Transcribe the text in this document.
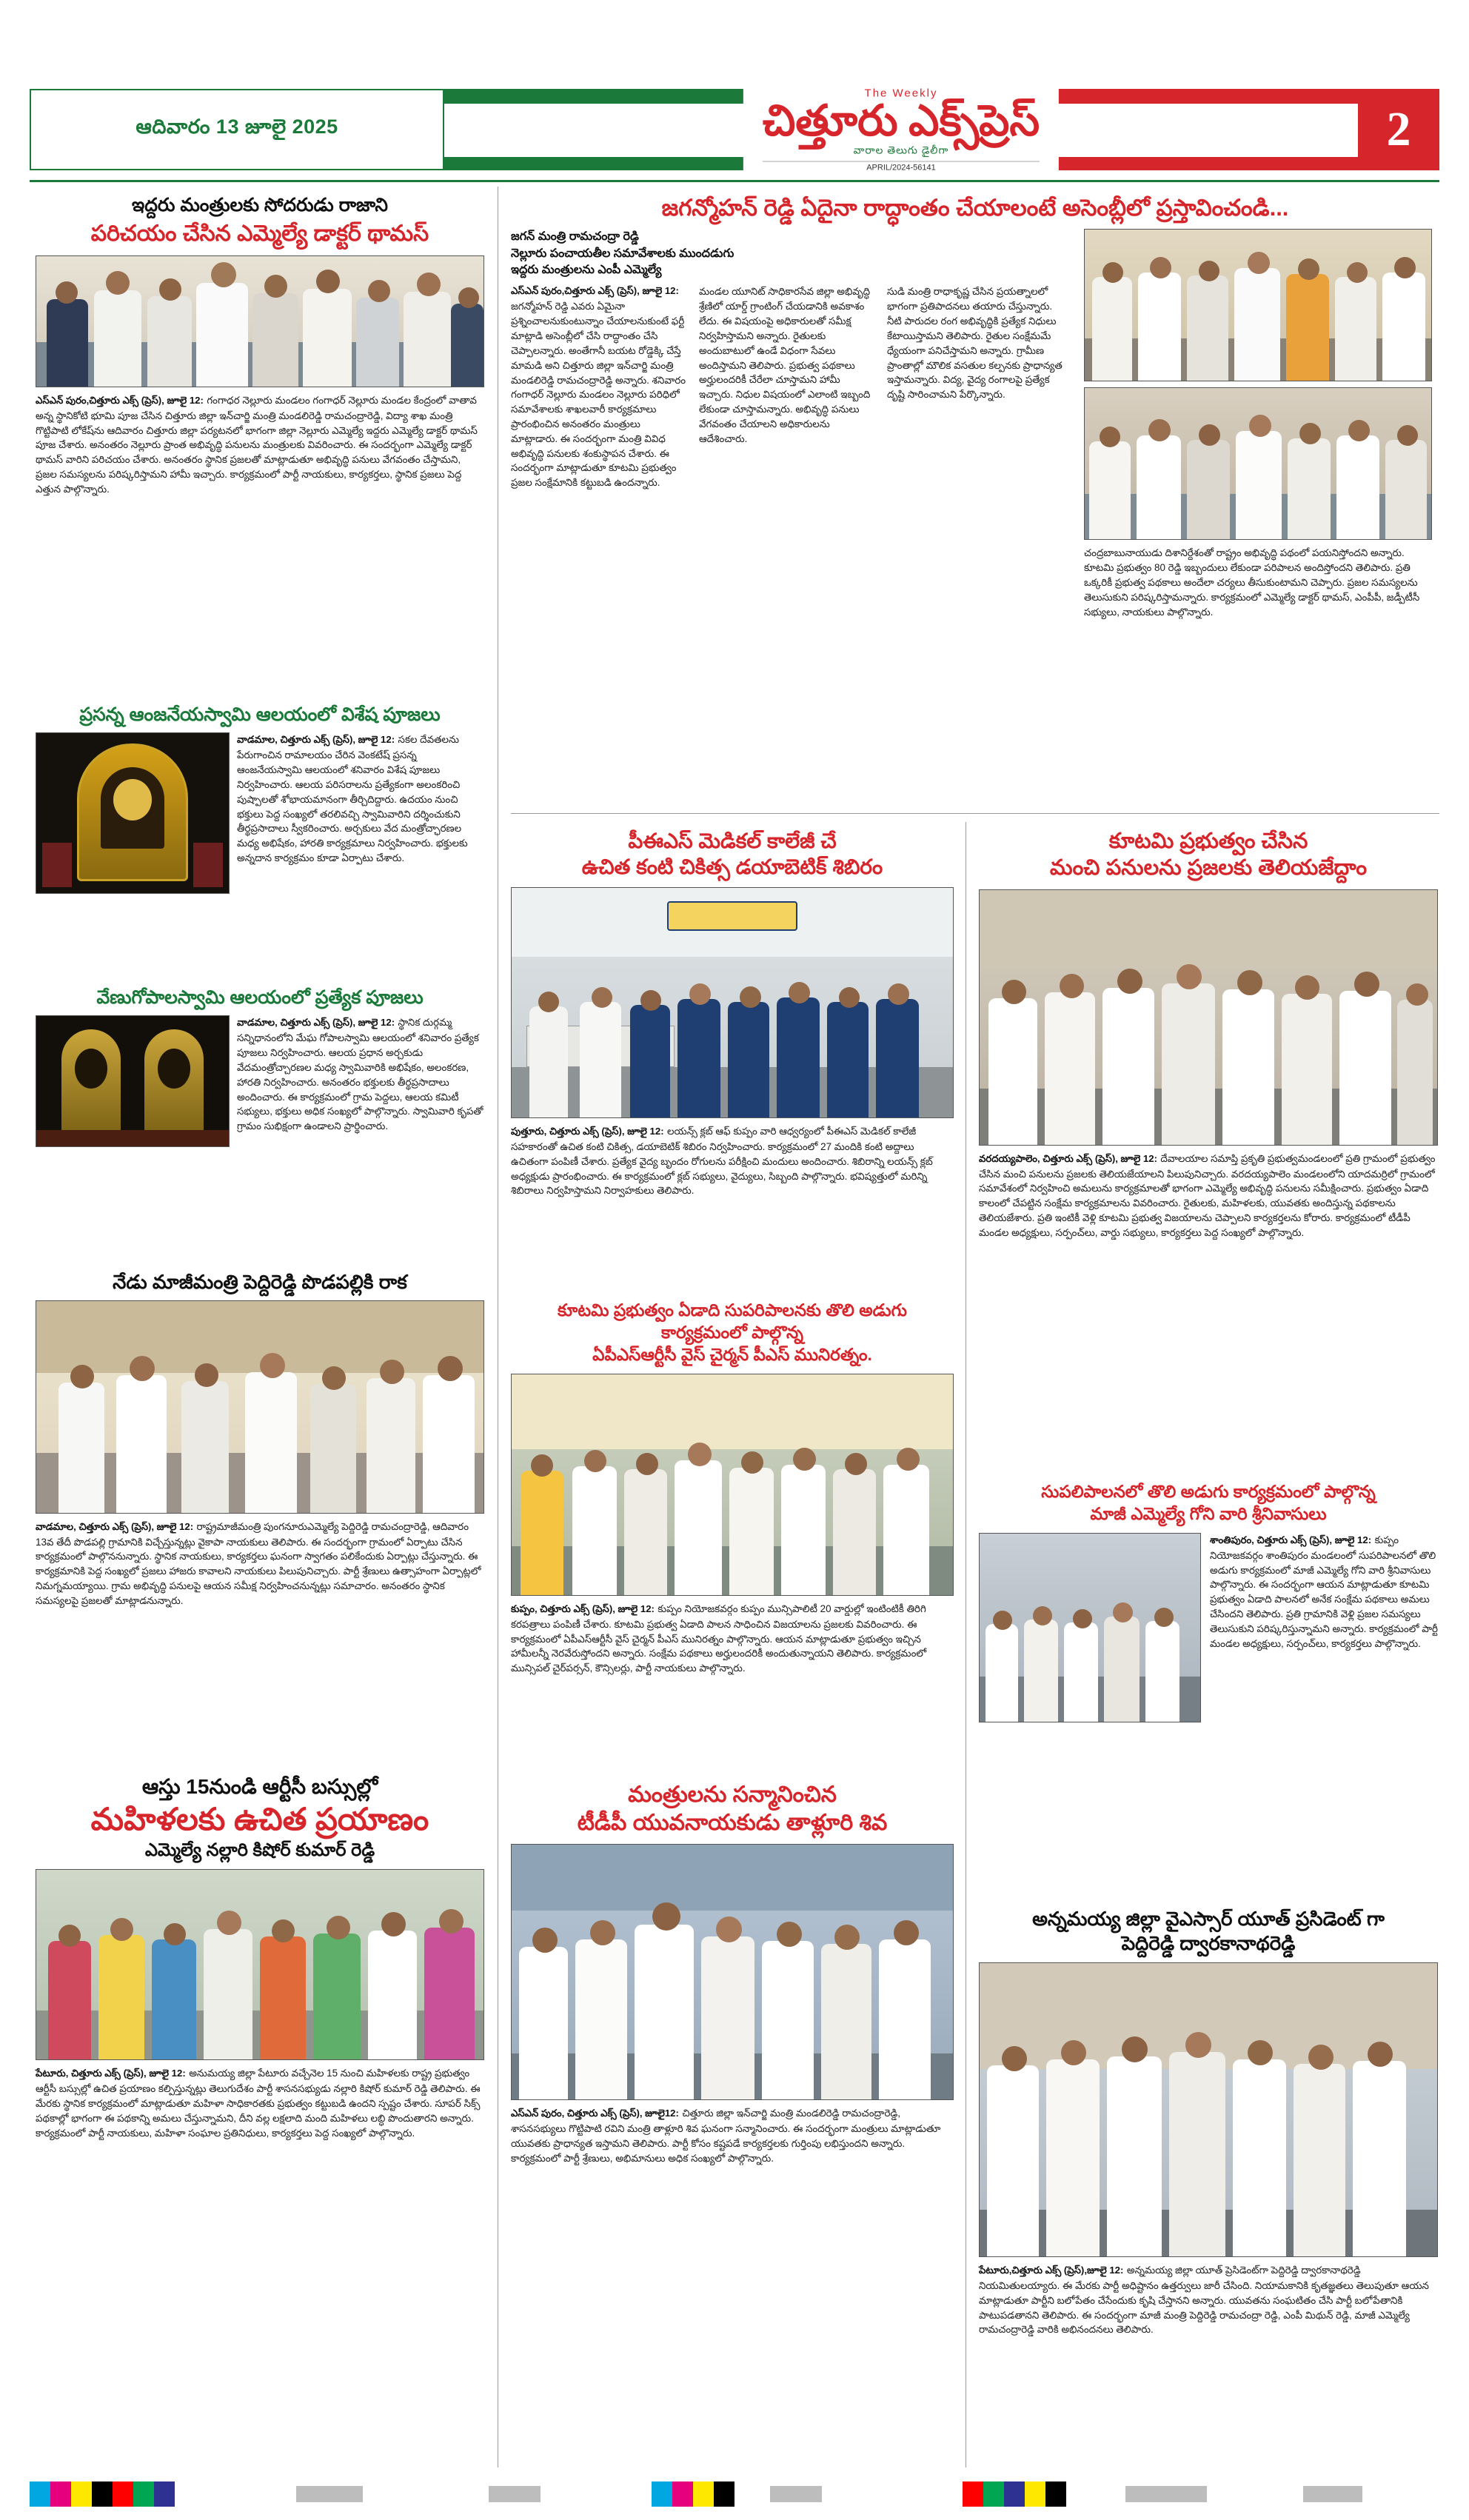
ఆదివారం 13 జూలై 2025
The Weekly
చిత్తూరు ఎక్స్‌ప్రెస్
వారాల తెలుగు డైలీగా
APRIL/2024-56141
2
ఇద్దరు మంత్రులకు సోదరుడు రాజాని
పరిచయం చేసిన ఎమ్మెల్యే డాక్టర్ థామస్
ఎస్‌ఎన్ పురం,చిత్తూరు ఎక్స్‌ (ప్రెస్), జూలై 12: గంగాధర నెల్లూరు మండలం గంగాధర్ నెల్లూరు మండల కేంద్రంలో వాతావ అన్న స్థానికోటి భూమి పూజ చేసిన చిత్తూరు జిల్లా ఇన్‌చార్జి మంత్రి మండలిరెడ్డి రామచంద్రారెడ్డి, విద్యా శాఖ మంత్రి గొట్టిపాటి లోకేష్‌ను ఆదివారం చిత్తూరు జిల్లా పర్యటనలో భాగంగా జిల్లా నెల్లూరు ఎమ్మెల్యే ఇద్దరు ఎమ్మెల్యే డాక్టర్ థామస్ పూజ చేశారు. అనంతరం నెల్లూరు ప్రాంత అభివృద్ధి పనులను మంత్రులకు వివరించారు. ఈ సందర్భంగా ఎమ్మెల్యే డాక్టర్ థామస్ వారిని పరిచయం చేశారు. అనంతరం స్థానిక ప్రజలతో మాట్లాడుతూ అభివృద్ధి పనులు వేగవంతం చేస్తామని, ప్రజల సమస్యలను పరిష్కరిస్తామని హామీ ఇచ్చారు. కార్యక్రమంలో పార్టీ నాయకులు, కార్యకర్తలు, స్థానిక ప్రజలు పెద్ద ఎత్తున పాల్గొన్నారు.
ప్రసన్న ఆంజనేయస్వామి ఆలయంలో విశేష పూజలు
వాడమాల, చిత్తూరు ఎక్స్‌ (ప్రెస్), జూలై 12: సకల దేవతలను పేరుగాంచిన రామాలయం చేరిన వెంకటేష్ ప్రసన్న ఆంజనేయస్వామి ఆలయంలో శనివారం విశేష పూజలు నిర్వహించారు. ఆలయ పరిసరాలను ప్రత్యేకంగా అలంకరించి పుష్పాలతో శోభాయమానంగా తీర్చిదిద్దారు. ఉదయం నుంచి భక్తులు పెద్ద సంఖ్యలో తరలివచ్చి స్వామివారిని దర్శించుకుని తీర్థప్రసాదాలు స్వీకరించారు. అర్చకులు వేద మంత్రోచ్ఛారణల మధ్య అభిషేకం, హారతి కార్యక్రమాలు నిర్వహించారు. భక్తులకు అన్నదాన కార్యక్రమం కూడా ఏర్పాటు చేశారు.
వేణుగోపాలస్వామి ఆలయంలో ప్రత్యేక పూజలు
వాడమాల, చిత్తూరు ఎక్స్‌ (ప్రెస్), జూలై 12: స్థానిక దుర్గమ్మ సన్నిధానంలోని మేఘ గోపాలస్వామి ఆలయంలో శనివారం ప్రత్యేక పూజలు నిర్వహించారు. ఆలయ ప్రధాన అర్చకుడు వేదమంత్రోచ్చారణల మధ్య స్వామివారికి అభిషేకం, అలంకరణ, హారతి నిర్వహించారు. అనంతరం భక్తులకు తీర్థప్రసాదాలు అందించారు. ఈ కార్యక్రమంలో గ్రామ పెద్దలు, ఆలయ కమిటీ సభ్యులు, భక్తులు అధిక సంఖ్యలో పాల్గొన్నారు. స్వామివారి కృపతో గ్రామం సుభిక్షంగా ఉండాలని ప్రార్థించారు.
నేడు మాజీమంత్రి పెద్దిరెడ్డి పొడపల్లికి రాక
వాడమాల, చిత్తూరు ఎక్స్‌ (ప్రెస్), జూలై 12: రాష్ట్రమాజీమంత్రి పుంగనూరుఎమ్మెల్యే పెద్దిరెడ్డి రామచంద్రారెడ్డి, ఆదివారం 13వ తేదీ పొడపల్లి గ్రామానికి విచ్చేస్తున్నట్లు వైకాపా నాయకులు తెలిపారు. ఈ సందర్భంగా గ్రామంలో ఏర్పాటు చేసిన కార్యక్రమంలో పాల్గొననున్నారు. స్థానిక నాయకులు, కార్యకర్తలు ఘనంగా స్వాగతం పలికేందుకు ఏర్పాట్లు చేస్తున్నారు. ఈ కార్యక్రమానికి పెద్ద సంఖ్యలో ప్రజలు హాజరు కావాలని నాయకులు పిలుపునిచ్చారు. పార్టీ శ్రేణులు ఉత్సాహంగా ఏర్పాట్లలో నిమగ్నమయ్యాయి. గ్రామ అభివృద్ధి పనులపై ఆయన సమీక్ష నిర్వహించనున్నట్లు సమాచారం. అనంతరం స్థానిక సమస్యలపై ప్రజలతో మాట్లాడనున్నారు.
ఆస్తు 15నుండి ఆర్టీసీ బస్సుల్లో
మహిళలకు ఉచిత ప్రయాణం
ఎమ్మెల్యే నల్లారి కిషోర్ కుమార్ రెడ్డి
పేటూరు, చిత్తూరు ఎక్స్‌ (ప్రెస్), జూలై 12: అనుమయ్య జిల్లా పేటూరు వచ్చేనెల 15 నుంచి మహిళలకు రాష్ట్ర ప్రభుత్వం ఆర్టీసీ బస్సుల్లో ఉచిత ప్రయాణం కల్పిస్తున్నట్లు తెలుగుదేశం పార్టీ శాసనసభ్యుడు నల్లారి కిషోర్ కుమార్ రెడ్డి తెలిపారు. ఈ మేరకు స్థానిక కార్యక్రమంలో మాట్లాడుతూ మహిళా సాధికారతకు ప్రభుత్వం కట్టుబడి ఉందని స్పష్టం చేశారు. సూపర్ సిక్స్ పథకాల్లో భాగంగా ఈ పథకాన్ని అమలు చేస్తున్నామని, దీని వల్ల లక్షలాది మంది మహిళలు లబ్ధి పొందుతారని అన్నారు. కార్యక్రమంలో పార్టీ నాయకులు, మహిళా సంఘాల ప్రతినిధులు, కార్యకర్తలు పెద్ద సంఖ్యలో పాల్గొన్నారు.
జగన్మోహన్ రెడ్డి ఏదైనా రాద్ధాంతం చేయాలంటే అసెంబ్లీలో ప్రస్తావించండి...
జగన్ మంత్రి రామచంద్రా రెడ్డి
నెల్లూరు పంచాయతీల సమావేశాలకు ముందడుగు
ఇద్దరు మంత్రులను ఎంపీ ఎమ్మెల్యే
ఎస్‌ఎన్ పురం,చిత్తూరు ఎక్స్‌ (ప్రెస్), జూలై 12: జగన్మోహన్ రెడ్డి ఎవరు ఏమైనా ప్రశ్నించాలనుకుంటున్నాం చేయాలనుకుంటే ఫర్టీ మాట్లాడి అసెంబ్లీలో చేసి రాద్ధాంతం చేసి చెప్పాలన్నారు. అంతేగానీ బయట రోడ్డెక్కి చేస్తే మామడి అని చిత్తూరు జిల్లా ఇన్‌చార్జి మంత్రి మండలిరెడ్డి రామచంద్రారెడ్డి అన్నారు. శనివారం గంగాధర్ నెల్లూరు మండలం నెల్లూరు పరిధిలో సమావేశాలకు శాఖలవారీ కార్యక్రమాలు ప్రారంభించిన అనంతరం మంత్రులు మాట్లాడారు. ఈ సందర్భంగా మంత్రి వివిధ అభివృద్ధి పనులకు శంకుస్థాపన చేశారు. ఈ సందర్భంగా మాట్లాడుతూ కూటమి ప్రభుత్వం ప్రజల సంక్షేమానికి కట్టుబడి ఉందన్నారు.
మండల యూనిట్ సాధికారసేవ జిల్లా అభివృద్ధి శ్రేణిలో యార్డ్ గ్రాంటింగ్ చేయడానికి అవకాశం లేదు. ఈ విషయంపై అధికారులతో సమీక్ష నిర్వహిస్తామని అన్నారు. రైతులకు అందుబాటులో ఉండే విధంగా సేవలు అందిస్తామని తెలిపారు. ప్రభుత్వ పథకాలు అర్హులందరికీ చేరేలా చూస్తామని హామీ ఇచ్చారు. నిధుల విషయంలో ఎలాంటి ఇబ్బంది లేకుండా చూస్తామన్నారు. అభివృద్ధి పనులు వేగవంతం చేయాలని అధికారులను ఆదేశించారు.
సుడి మంత్రి రాధాకృష్ణ చేసిన ప్రయత్నాలలో భాగంగా ప్రతిపాదనలు తయారు చేస్తున్నారు. నీటి పారుదల రంగ అభివృద్ధికి ప్రత్యేక నిధులు కేటాయిస్తామని తెలిపారు. రైతుల సంక్షేమమే ధ్యేయంగా పనిచేస్తామని అన్నారు. గ్రామీణ ప్రాంతాల్లో మౌలిక వసతుల కల్పనకు ప్రాధాన్యత ఇస్తామన్నారు. విద్య, వైద్య రంగాలపై ప్రత్యేక దృష్టి సారించామని పేర్కొన్నారు.
చంద్రబాబునాయుడు దిశానిర్దేశంతో రాష్ట్రం అభివృద్ధి పథంలో పయనిస్తోందని అన్నారు. కూటమి ప్రభుత్వం 80 రెడ్డి ఇబ్బందులు లేకుండా పరిపాలన అందిస్తోందని తెలిపారు. ప్రతి ఒక్కరికీ ప్రభుత్వ పథకాలు అందేలా చర్యలు తీసుకుంటామని చెప్పారు. ప్రజల సమస్యలను తెలుసుకుని పరిష్కరిస్తామన్నారు. కార్యక్రమంలో ఎమ్మెల్యే డాక్టర్ థామస్, ఎంపీపీ, జడ్పీటీసీ సభ్యులు, నాయకులు పాల్గొన్నారు.
పీఈఎస్ మెడికల్ కాలేజీ చే
ఉచిత కంటి చికిత్స డయాబెటిక్ శిబిరం
పుత్తూరు, చిత్తూరు ఎక్స్‌ (ప్రెస్), జూలై 12: లయన్స్ క్లబ్ ఆఫ్ కుప్పం వారి ఆధ్వర్యంలో పీఈఎస్ మెడికల్ కాలేజీ సహకారంతో ఉచిత కంటి చికిత్స, డయాబెటిక్ శిబిరం నిర్వహించారు. కార్యక్రమంలో 27 మందికి కంటి అద్దాలు ఉచితంగా పంపిణీ చేశారు. ప్రత్యేక వైద్య బృందం రోగులను పరీక్షించి మందులు అందించారు. శిబిరాన్ని లయన్స్ క్లబ్ అధ్యక్షుడు ప్రారంభించారు. ఈ కార్యక్రమంలో క్లబ్ సభ్యులు, వైద్యులు, సిబ్బంది పాల్గొన్నారు. భవిష్యత్తులో మరిన్ని శిబిరాలు నిర్వహిస్తామని నిర్వాహకులు తెలిపారు.
కూటమి ప్రభుత్వం ఏడాది సుపరిపాలనకు తొలి అడుగు
కార్యక్రమంలో పాల్గొన్న
ఏపీఎస్ఆర్టీసీ వైస్ చైర్మన్ పీఎస్ మునిరత్నం.
కుప్పం, చిత్తూరు ఎక్స్‌ (ప్రెస్), జూలై 12: కుప్పం నియోజకవర్గం కుప్పం మున్సిపాలిటీ 20 వార్డుల్లో ఇంటింటికీ తిరిగి కరపత్రాలు పంపిణీ చేశారు. కూటమి ప్రభుత్వ ఏడాది పాలన సాధించిన విజయాలను ప్రజలకు వివరించారు. ఈ కార్యక్రమంలో ఏపీఎస్ఆర్టీసీ వైస్ చైర్మన్ పీఎస్ మునిరత్నం పాల్గొన్నారు. ఆయన మాట్లాడుతూ ప్రభుత్వం ఇచ్చిన హామీలన్నీ నెరవేరుస్తోందని అన్నారు. సంక్షేమ పథకాలు అర్హులందరికీ అందుతున్నాయని తెలిపారు. కార్యక్రమంలో మున్సిపల్ చైర్‌పర్సన్, కౌన్సిలర్లు, పార్టీ నాయకులు పాల్గొన్నారు.
మంత్రులను సన్మానించిన
టీడీపీ యువనాయకుడు తాళ్లూరి శివ
ఎస్‌ఎన్ పురం, చిత్తూరు ఎక్స్‌ (ప్రెస్), జూలై12: చిత్తూరు జిల్లా ఇన్‌చార్జి మంత్రి మండలిరెడ్డి రామచంద్రారెడ్డి, శాసనసభ్యులు గొట్టిపాటి రవిని మంత్రి తాళ్లూరి శివ ఘనంగా సన్మానించారు. ఈ సందర్భంగా మంత్రులు మాట్లాడుతూ యువతకు ప్రాధాన్యత ఇస్తామని తెలిపారు. పార్టీ కోసం కష్టపడే కార్యకర్తలకు గుర్తింపు లభిస్తుందని అన్నారు. కార్యక్రమంలో పార్టీ శ్రేణులు, అభిమానులు అధిక సంఖ్యలో పాల్గొన్నారు.
కూటమి ప్రభుత్వం చేసిన
మంచి పనులను ప్రజలకు తెలియజేద్దాం
వరదయ్యపాలెం, చిత్తూరు ఎక్స్‌ (ప్రెస్), జూలై 12: దేవాలయాల సమాప్తి ప్రకృతి ప్రభుత్వమండలంలో ప్రతి గ్రామంలో ప్రభుత్వం చేసిన మంచి పనులను ప్రజలకు తెలియజేయాలని పిలుపునిచ్చారు. వరదయ్యపాలెం మండలంలోని యాదమర్రిలో గ్రామంలో సమావేశంలో నిర్వహించి అమలును కార్యక్రమాలతో భాగంగా ఎమ్మెల్యే అభివృద్ధి పనులను సమీక్షించారు. ప్రభుత్వం ఏడాది కాలంలో చేపట్టిన సంక్షేమ కార్యక్రమాలను వివరించారు. రైతులకు, మహిళలకు, యువతకు అందిస్తున్న పథకాలను తెలియజేశారు. ప్రతి ఇంటికీ వెళ్లి కూటమి ప్రభుత్వ విజయాలను చెప్పాలని కార్యకర్తలను కోరారు. కార్యక్రమంలో టీడీపీ మండల అధ్యక్షులు, సర్పంచ్‌లు, వార్డు సభ్యులు, కార్యకర్తలు పెద్ద సంఖ్యలో పాల్గొన్నారు.
సుపలిపాలనలో తొలి అడుగు కార్యక్రమంలో పాల్గొన్న
మాజీ ఎమ్మెల్యే గోని వారి శ్రీనివాసులు
శాంతిపురం, చిత్తూరు ఎక్స్‌ (ప్రెస్), జూలై 12: కుప్పం నియోజకవర్గం శాంతిపురం మండలంలో సుపరిపాలనలో తొలి అడుగు కార్యక్రమంలో మాజీ ఎమ్మెల్యే గోని వారి శ్రీనివాసులు పాల్గొన్నారు. ఈ సందర్భంగా ఆయన మాట్లాడుతూ కూటమి ప్రభుత్వం ఏడాది పాలనలో అనేక సంక్షేమ పథకాలు అమలు చేసిందని తెలిపారు. ప్రతి గ్రామానికి వెళ్లి ప్రజల సమస్యలు తెలుసుకుని పరిష్కరిస్తున్నామని అన్నారు. కార్యక్రమంలో పార్టీ మండల అధ్యక్షులు, సర్పంచ్‌లు, కార్యకర్తలు పాల్గొన్నారు.
అన్నమయ్య జిల్లా వైఎస్సార్ యూత్ ప్రసిడెంట్ గా
పెద్దిరెడ్డి ద్వారకానాథరెడ్డి
పేటూరు,చిత్తూరు ఎక్స్‌ (ప్రెస్),జూలై 12: అన్నమయ్య జిల్లా యూత్ ప్రెసిడెంట్‌గా పెద్దిరెడ్డి ద్వారకానాథరెడ్డి నియమితులయ్యారు. ఈ మేరకు పార్టీ అధిష్టానం ఉత్తర్వులు జారీ చేసింది. నియామకానికి కృతజ్ఞతలు తెలుపుతూ ఆయన మాట్లాడుతూ పార్టీని బలోపేతం చేసేందుకు కృషి చేస్తానని అన్నారు. యువతను సంఘటితం చేసి పార్టీ బలోపేతానికి పాటుపడతానని తెలిపారు. ఈ సందర్భంగా మాజీ మంత్రి పెద్దిరెడ్డి రామచంద్రా రెడ్డి, ఎంపీ మిథున్ రెడ్డి, మాజీ ఎమ్మెల్యే రామచంద్రారెడ్డి వారికి అభినందనలు తెలిపారు.
